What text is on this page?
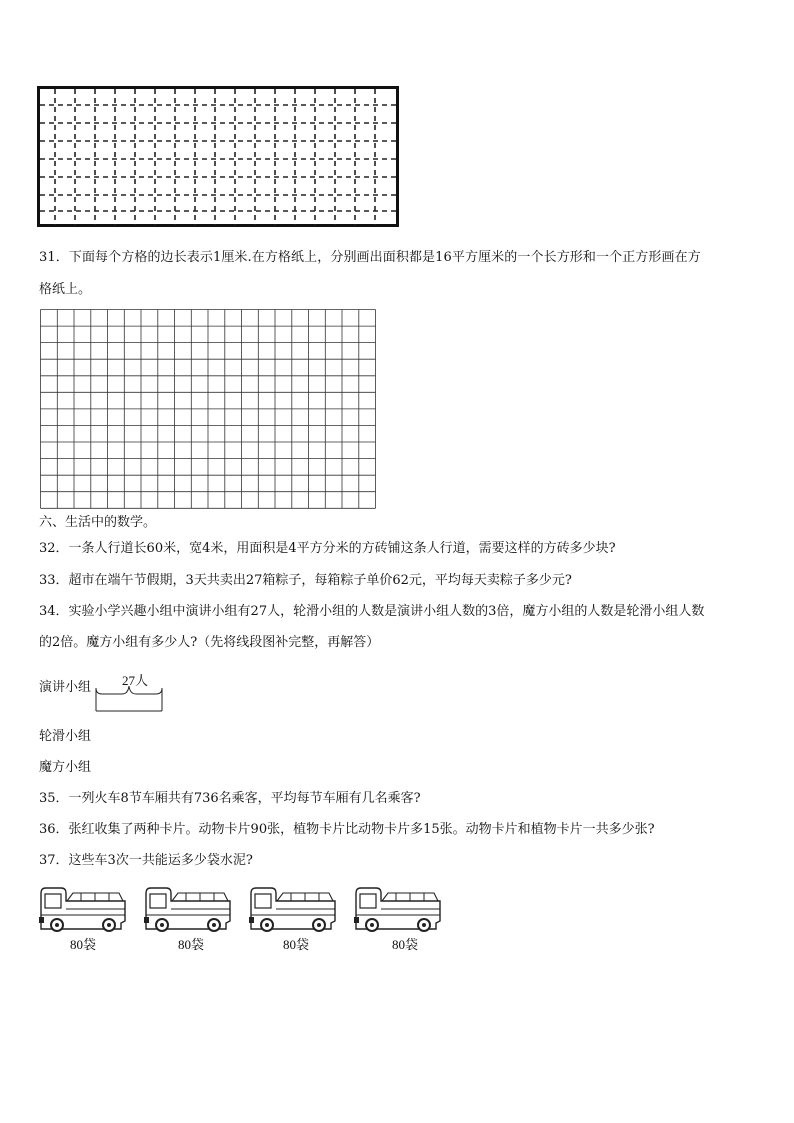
31．下面每个方格的边长表示1厘米.在方格纸上，分别画出面积都是16平方厘米的一个长方形和一个正方形画在方
格纸上。
六、生活中的数学。
32．一条人行道长60米，宽4米，用面积是4平方分米的方砖铺这条人行道，需要这样的方砖多少块?
33．超市在端午节假期，3天共卖出27箱粽子，每箱粽子单价62元，平均每天卖粽子多少元?
34．实验小学兴趣小组中演讲小组有27人，轮滑小组的人数是演讲小组人数的3倍，魔方小组的人数是轮滑小组人数
的2倍。魔方小组有多少人?（先将线段图补完整，再解答）
演讲小组 27人
轮滑小组
魔方小组
35．一列火车8节车厢共有736名乘客，平均每节车厢有几名乘客?
36．张红收集了两种卡片。动物卡片90张，植物卡片比动物卡片多15张。动物卡片和植物卡片一共多少张?
37．这些车3次一共能运多少袋水泥?
80袋	80袋	80袋	80袋
